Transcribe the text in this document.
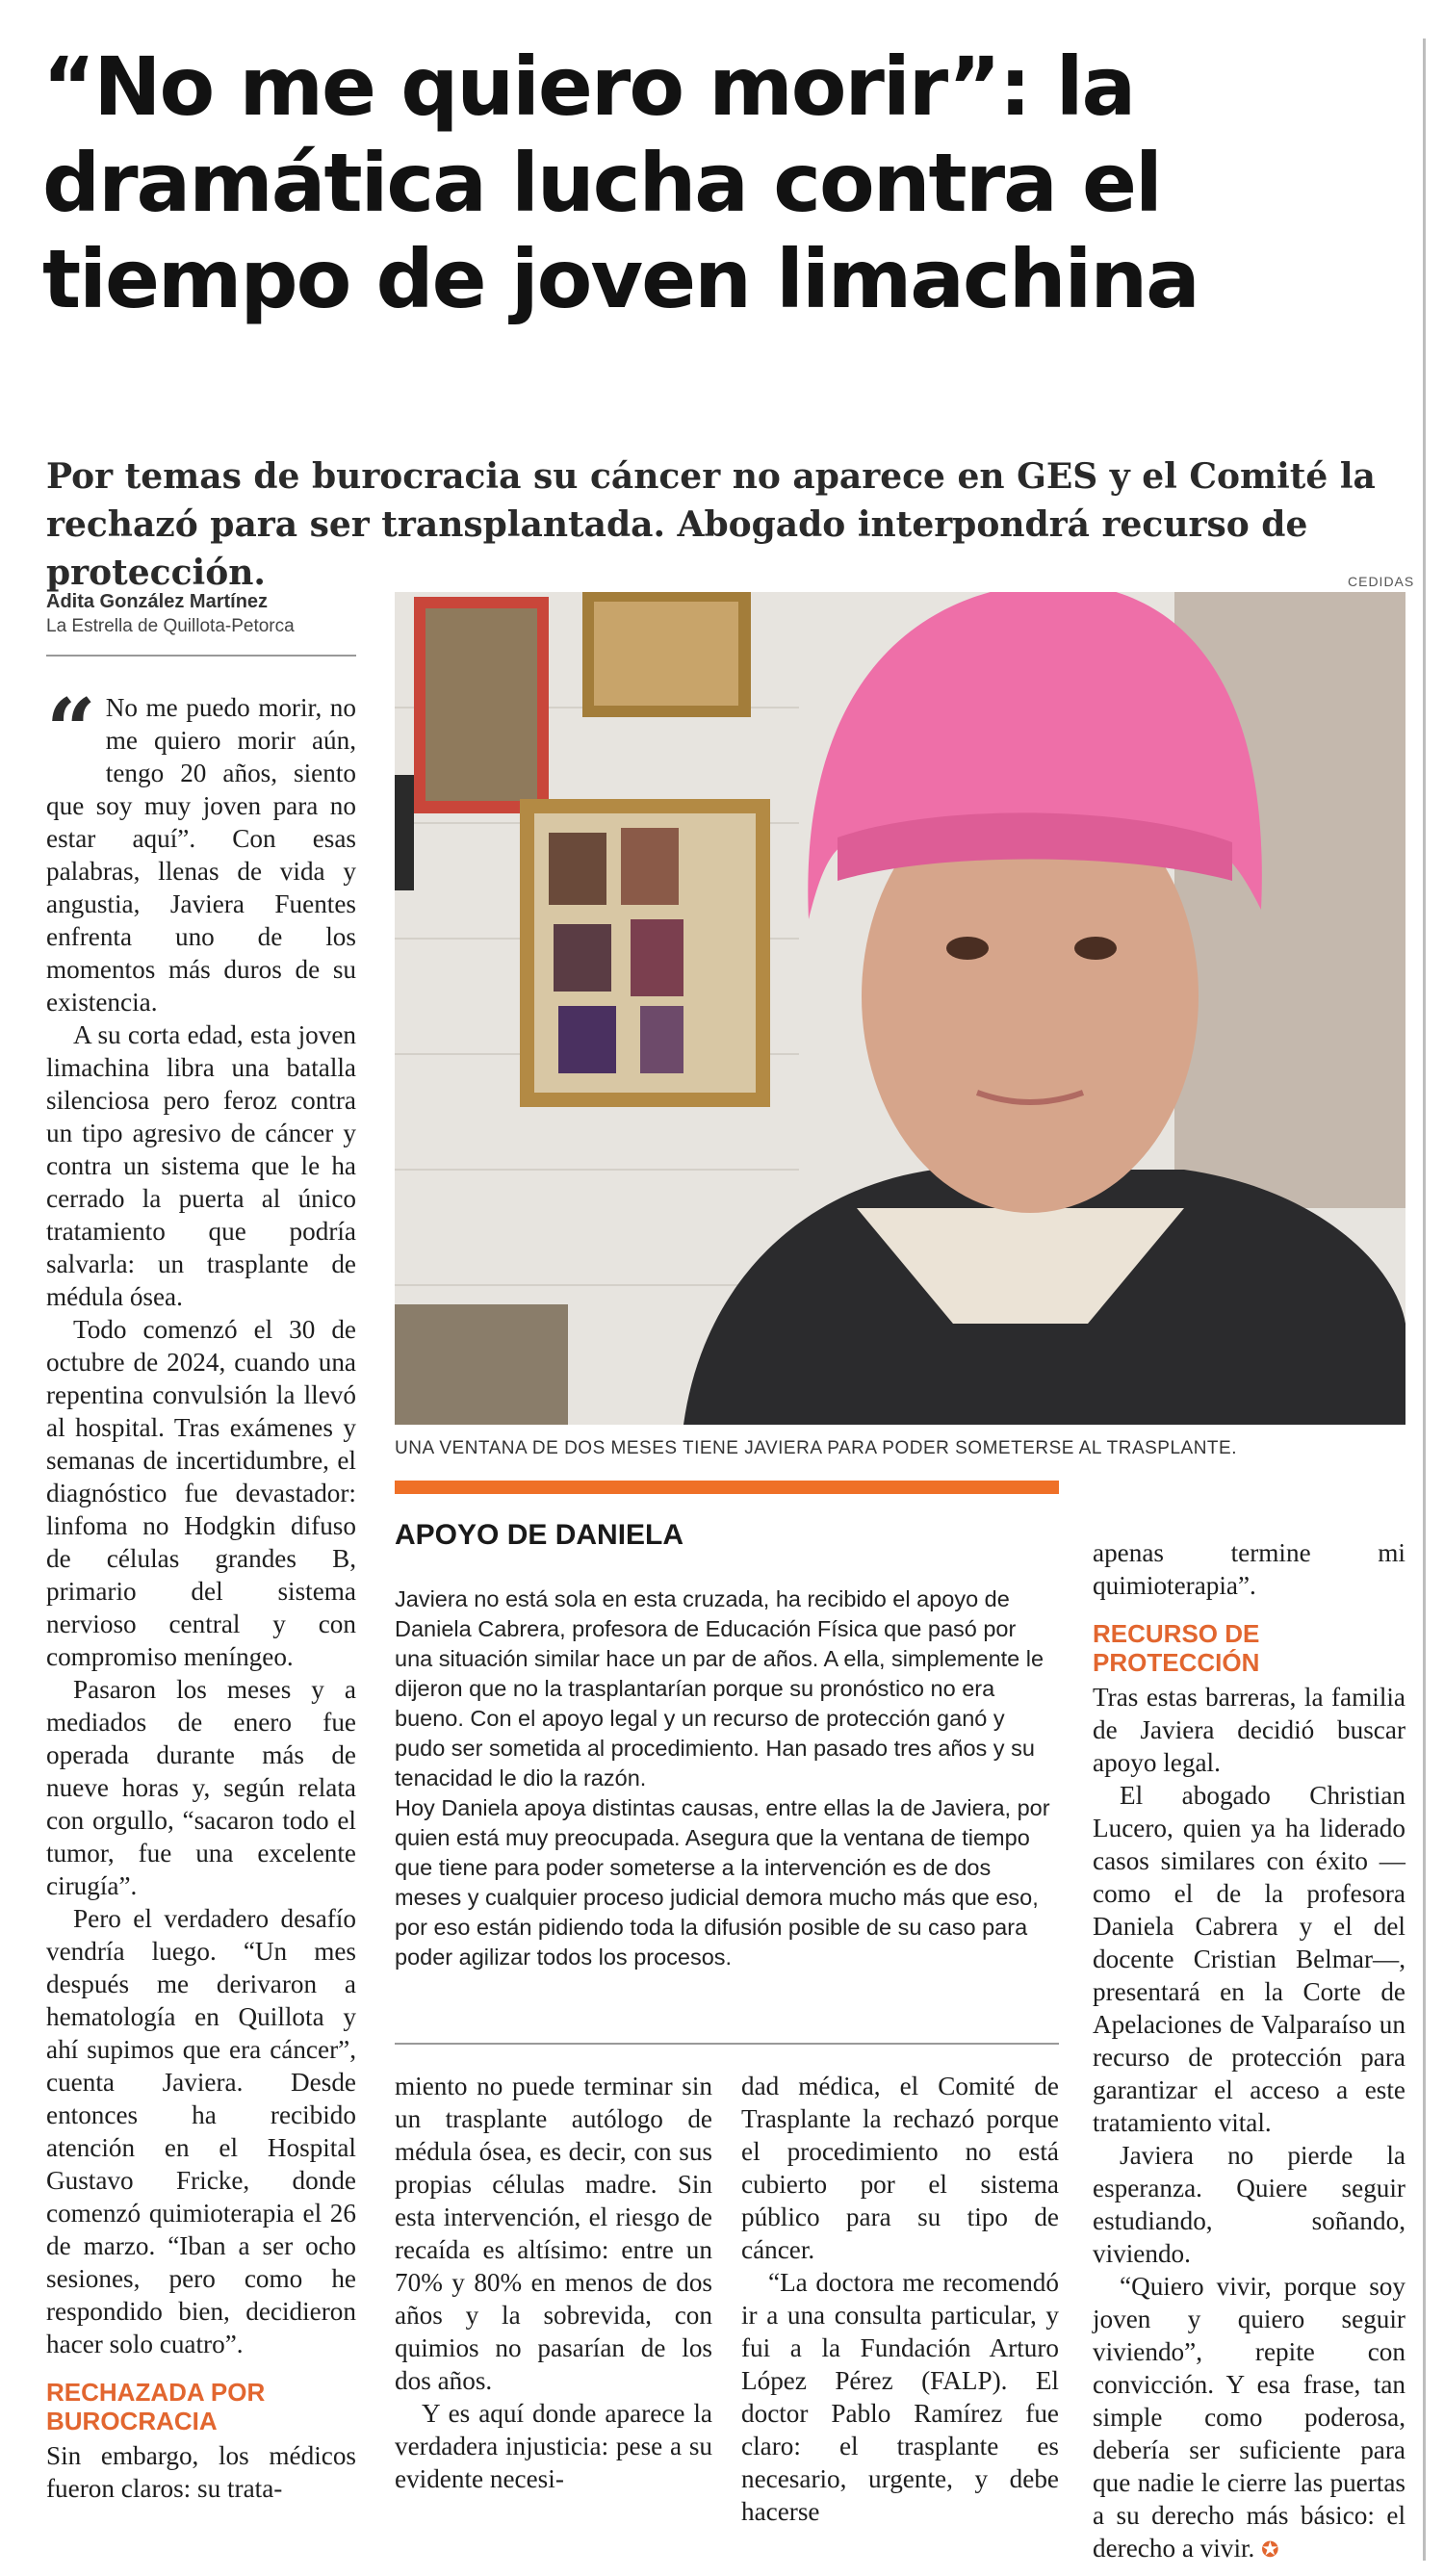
“No me quiero morir”: la dramática lucha contra el tiempo de joven limachina

Por temas de burocracia su cáncer no aparece en GES y el Comité la rechazó para ser transplantada. Abogado interpondrá recurso de protección.	CEDIDAS
Adita González Martínez
La Estrella de Quillota-Petorca
“ No me puedo morir, no me quiero morir aún, tengo 20 años, siento que soy muy joven para no estar aquí”. Con esas palabras, llenas de vida y angustia, Javiera Fuentes enfrenta uno de los momentos más duros de su existencia.

A su corta edad, esta joven limachina libra una batalla silenciosa pero feroz contra un tipo agresivo de cáncer y contra un sistema que le ha cerrado la puerta al único tratamiento que podría salvarla: un trasplante de médula ósea.

Todo comenzó el 30 de octubre de 2024, cuando una repentina convulsión la llevó al hospital. Tras exámenes y semanas de incertidumbre, el diagnóstico fue devastador: linfoma no Hodgkin difuso de células grandes B, primario del sistema nervioso central y con compromiso meníngeo.

Pasaron los meses y a mediados de enero fue operada durante más de nueve horas y, según relata con orgullo, “sacaron todo el tumor, fue una excelente cirugía”.

Pero el verdadero desafío vendría luego. “Un mes después me derivaron a hematología en Quillota y ahí supimos que era cáncer”, cuenta Javiera. Desde entonces ha recibido atención en el Hospital Gustavo Fricke, donde comenzó quimioterapia el 26 de marzo. “Iban a ser ocho sesiones, pero como he respondido bien, decidieron hacer solo cuatro”.

RECHAZADA POR BUROCRACIA

Sin embargo, los médicos fueron claros: su trata-

UNA VENTANA DE DOS MESES TIENE JAVIERA PARA PODER SOMETERSE AL TRASPLANTE.
APOYO DE DANIELA

Javiera no está sola en esta cruzada, ha recibido el apoyo de Daniela Cabrera, profesora de Educación Física que pasó por una situación similar hace un par de años. A ella, simplemente le dijeron que no la trasplantarían porque su pronóstico no era bueno. Con el apoyo legal y un recurso de protección ganó y pudo ser sometida al procedimiento. Han pasado tres años y su tenacidad le dio la razón.

Hoy Daniela apoya distintas causas, entre ellas la de Javiera, por quien está muy preocupada. Asegura que la ventana de tiempo que tiene para poder someterse a la intervención es de dos meses y cualquier proceso judicial demora mucho más que eso, por eso están pidiendo toda la difusión posible de su caso para poder agilizar todos los procesos.

miento no puede terminar sin un trasplante autólogo de médula ósea, es decir, con sus propias células madre. Sin esta intervención, el riesgo de recaída es altísimo: entre un 70% y 80% en menos de dos años y la sobrevida, con quimios no pasarían de los dos años.

Y es aquí donde aparece la verdadera injusticia: pese a su evidente necesi-

dad médica, el Comité de Trasplante la rechazó porque el procedimiento no está cubierto por el sistema público para su tipo de cáncer.

“La doctora me recomendó ir a una consulta particular, y fui a la Fundación Arturo López Pérez (FALP). El doctor Pablo Ramírez fue claro: el trasplante es necesario, urgente, y debe hacerse

apenas termine mi quimioterapia”.

RECURSO DE PROTECCIÓN

Tras estas barreras, la familia de Javiera decidió buscar apoyo legal.

El abogado Christian Lucero, quien ya ha liderado casos similares con éxito —como el de la profesora Daniela Cabrera y el del docente Cristian Belmar—, presentará en la Corte de Apelaciones de Valparaíso un recurso de protección para garantizar el acceso a este tratamiento vital.

Javiera no pierde la esperanza. Quiere seguir estudiando, soñando, viviendo.

“Quiero vivir, porque soy joven y quiero seguir viviendo”, repite con convicción. Y esa frase, tan simple como poderosa, debería ser suficiente para que nadie le cierre las puertas a su derecho más básico: el derecho a vivir. ✪
